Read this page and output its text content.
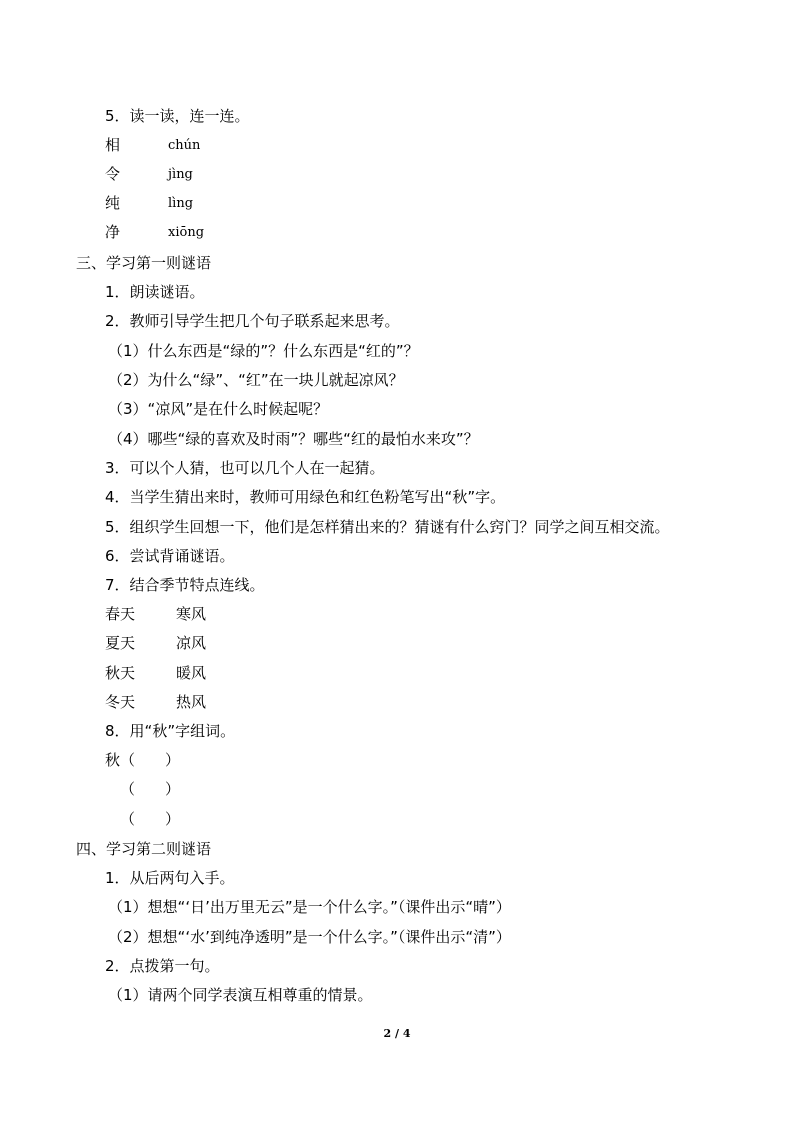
5．读一读，连一连。
相	chún
令	jìng
纯	lìng
净	xiōng
三、学习第一则谜语
1．朗读谜语。
2．教师引导学生把几个句子联系起来思考。
（1）什么东西是“绿的”？什么东西是“红的”？
（2）为什么“绿”、“红”在一块儿就起凉风？
（3）“凉风”是在什么时候起呢？
（4）哪些“绿的喜欢及时雨”？哪些“红的最怕水来攻”？
3．可以个人猜，也可以几个人在一起猜。
4．当学生猜出来时，教师可用绿色和红色粉笔写出“秋”字。
5．组织学生回想一下，他们是怎样猜出来的？猜谜有什么窍门？同学之间互相交流。
6．尝试背诵谜语。
7．结合季节特点连线。
春天	寒风
夏天	凉风
秋天	暖风
冬天	热风
8．用“秋”字组词。
秋 （　　）
（　　）
（　　）
四、学习第二则谜语
1．从后两句入手。
（1）想想“‘日’出万里无云”是一个什么字。”（课件出示“晴”）
（2）想想“‘水’到纯净透明”是一个什么字。”（课件出示“清”）
2．点拨第一句。
（1）请两个同学表演互相尊重的情景。
2 / 4
